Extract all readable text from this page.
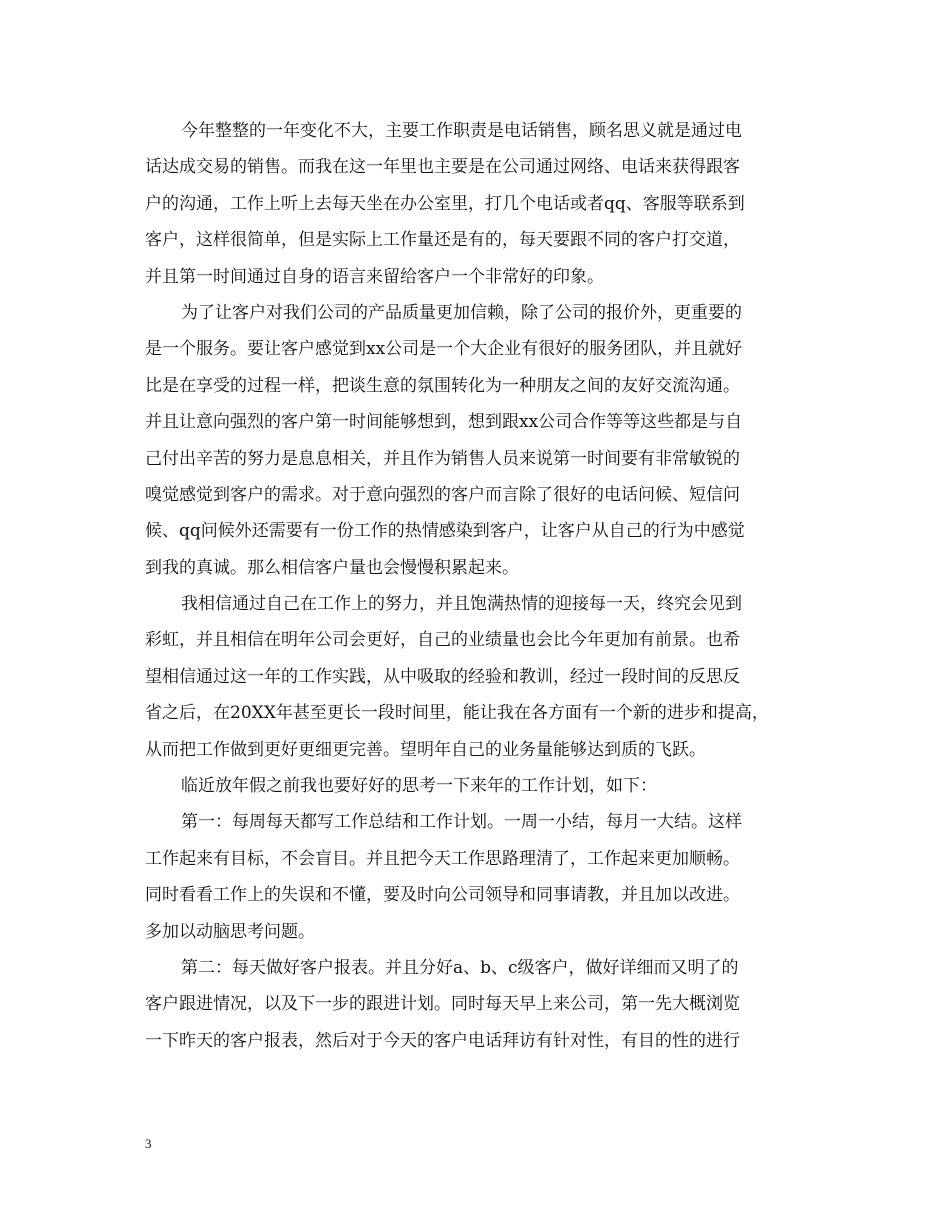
今年整整的一年变化不大，主要工作职责是电话销售，顾名思义就是通过电
话达成交易的销售。而我在这一年里也主要是在公司通过网络、电话来获得跟客
户的沟通，工作上听上去每天坐在办公室里，打几个电话或者qq、客服等联系到
客户，这样很简单，但是实际上工作量还是有的，每天要跟不同的客户打交道，
并且第一时间通过自身的语言来留给客户一个非常好的印象。
为了让客户对我们公司的产品质量更加信赖，除了公司的报价外，更重要的
是一个服务。要让客户感觉到xx公司是一个大企业有很好的服务团队，并且就好
比是在享受的过程一样，把谈生意的氛围转化为一种朋友之间的友好交流沟通。
并且让意向强烈的客户第一时间能够想到，想到跟xx公司合作等等这些都是与自
己付出辛苦的努力是息息相关，并且作为销售人员来说第一时间要有非常敏锐的
嗅觉感觉到客户的需求。对于意向强烈的客户而言除了很好的电话问候、短信问
候、qq问候外还需要有一份工作的热情感染到客户，让客户从自己的行为中感觉
到我的真诚。那么相信客户量也会慢慢积累起来。
我相信通过自己在工作上的努力，并且饱满热情的迎接每一天，终究会见到
彩虹，并且相信在明年公司会更好，自己的业绩量也会比今年更加有前景。也希
望相信通过这一年的工作实践，从中吸取的经验和教训，经过一段时间的反思反
省之后，在20XX年甚至更长一段时间里，能让我在各方面有一个新的进步和提高，
从而把工作做到更好更细更完善。望明年自己的业务量能够达到质的飞跃。
临近放年假之前我也要好好的思考一下来年的工作计划，如下：
第一：每周每天都写工作总结和工作计划。一周一小结，每月一大结。这样
工作起来有目标，不会盲目。并且把今天工作思路理清了，工作起来更加顺畅。
同时看看工作上的失误和不懂，要及时向公司领导和同事请教，并且加以改进。
多加以动脑思考问题。
第二：每天做好客户报表。并且分好a、b、c级客户，做好详细而又明了的
客户跟进情况，以及下一步的跟进计划。同时每天早上来公司，第一先大概浏览
一下昨天的客户报表，然后对于今天的客户电话拜访有针对性，有目的性的进行
3
